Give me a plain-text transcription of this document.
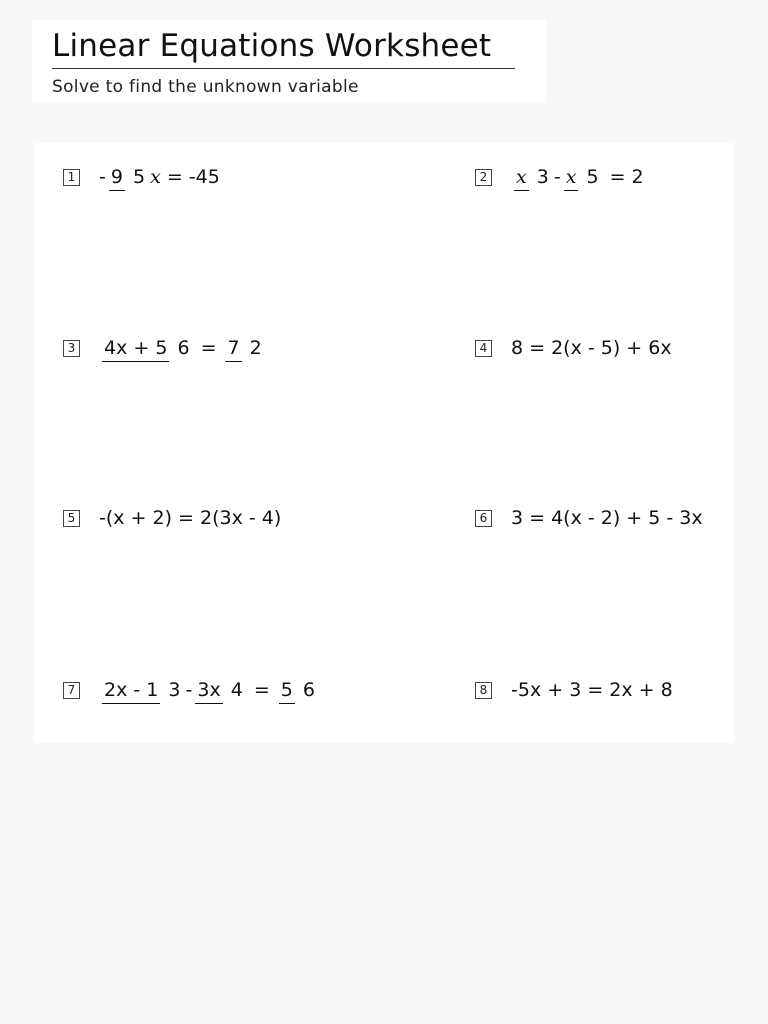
Linear Equations Worksheet
Solve to find the unknown variable
1 - 9 5 x = -45	2 x 3 - x 5 = 2
3 4x + 5 6 = 7 2	4 8 = 2(x - 5) + 6x
5 -(x + 2) = 2(3x - 4)	6 3 = 4(x - 2) + 5 - 3x
7 2x - 1 3 - 3x 4 = 5 6	8 -5x + 3 = 2x + 8
